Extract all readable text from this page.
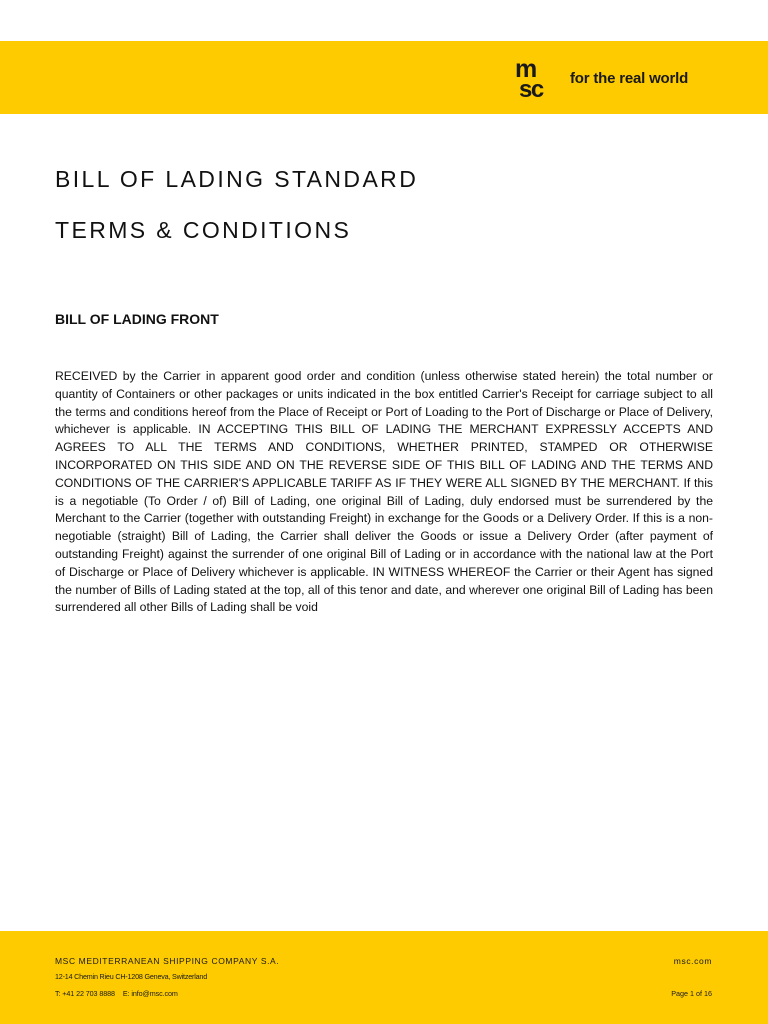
m
sc for the real world
BILL OF LADING STANDARD
TERMS & CONDITIONS
BILL OF LADING FRONT

RECEIVED by the Carrier in apparent good order and condition (unless otherwise stated herein) the total number or quantity of Containers or other packages or units indicated in the box entitled Carrier's Receipt for carriage subject to all the terms and conditions hereof from the Place of Receipt or Port of Loading to the Port of Discharge or Place of Delivery, whichever is applicable. IN ACCEPTING THIS BILL OF LADING THE MERCHANT EXPRESSLY ACCEPTS AND AGREES TO ALL THE TERMS AND CONDITIONS, WHETHER PRINTED, STAMPED OR OTHERWISE INCORPORATED ON THIS SIDE AND ON THE REVERSE SIDE OF THIS BILL OF LADING AND THE TERMS AND CONDITIONS OF THE CARRIER'S APPLICABLE TARIFF AS IF THEY WERE ALL SIGNED BY THE MERCHANT. If this is a negotiable (To Order / of) Bill of Lading, one original Bill of Lading, duly endorsed must be surrendered by the Merchant to the Carrier (together with outstanding Freight) in exchange for the Goods or a Delivery Order. If this is a non-negotiable (straight) Bill of Lading, the Carrier shall deliver the Goods or issue a Delivery Order (after payment of outstanding Freight) against the surrender of one original Bill of Lading or in accordance with the national law at the Port of Discharge or Place of Delivery whichever is applicable. IN WITNESS WHEREOF the Carrier or their Agent has signed the number of Bills of Lading stated at the top, all of this tenor and date, and wherever one original Bill of Lading has been surrendered all other Bills of Lading shall be void

MSC MEDITERRANEAN SHIPPING COMPANY S.A.
12-14 Chemin Rieu CH-1208 Geneva, Switzerland
T: +41 22 703 8888 E: info@msc.com
msc.com
Page 1 of 16
